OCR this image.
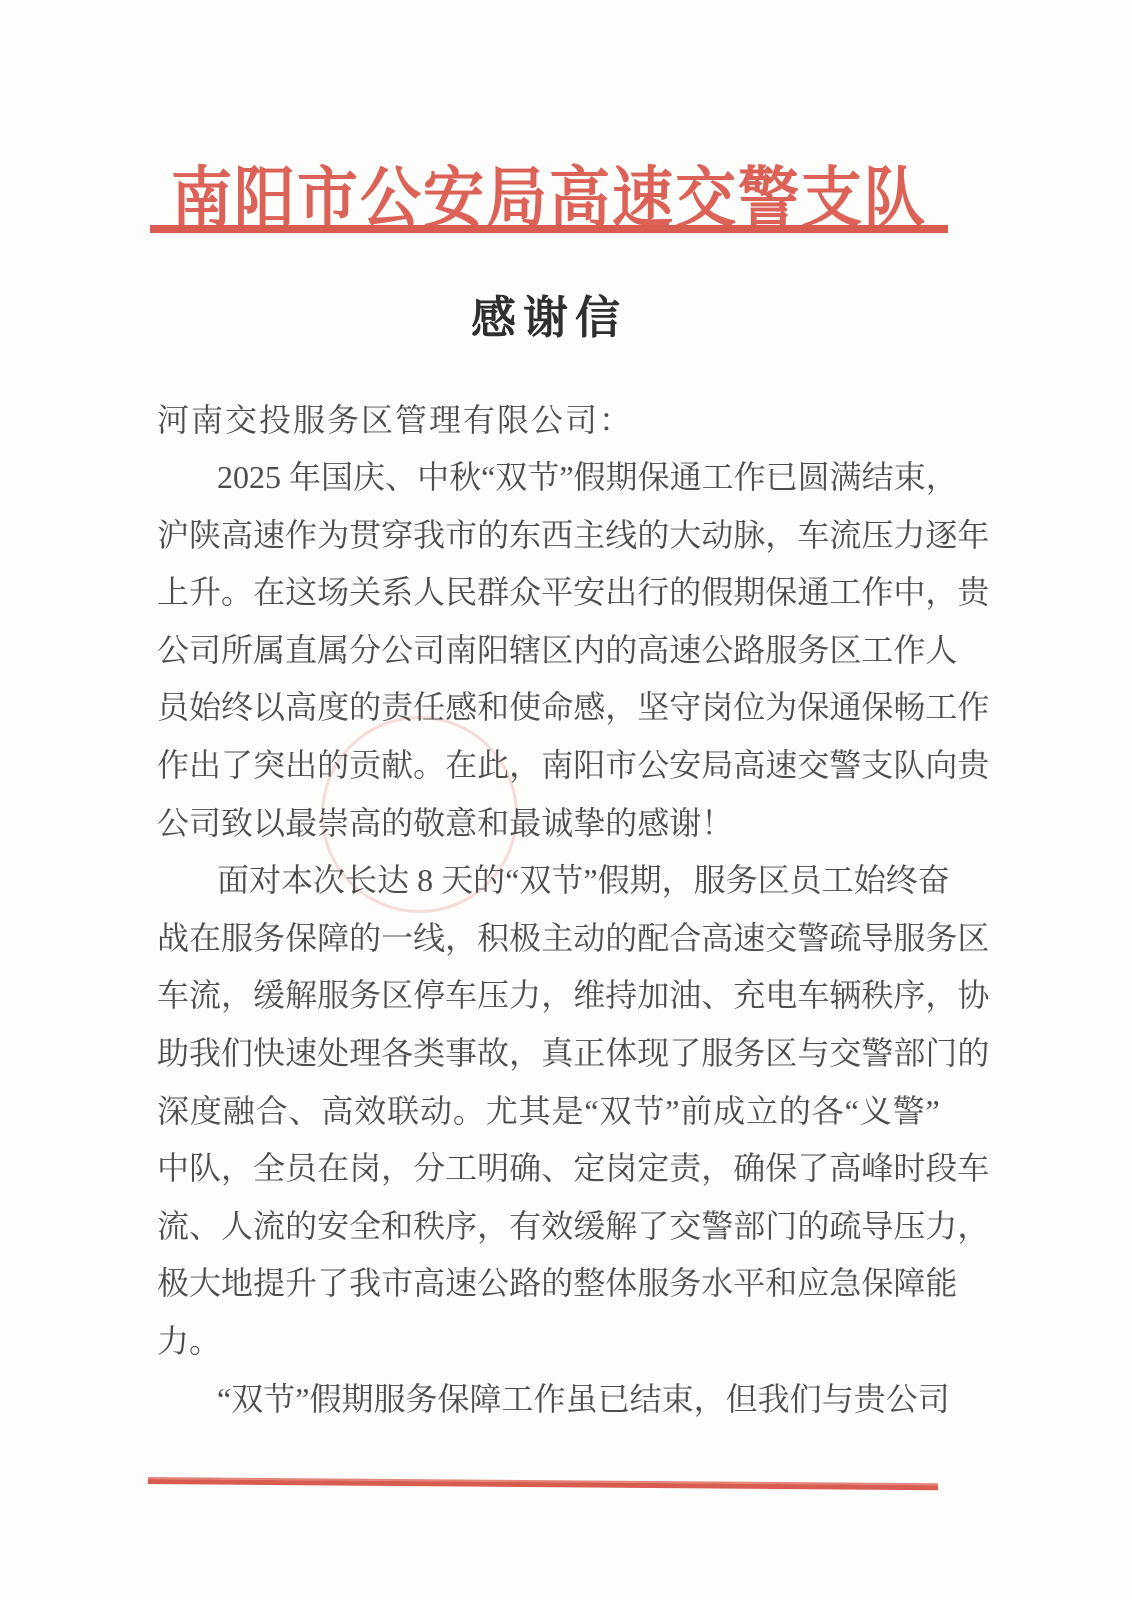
南阳市公安局高速交警支队
感谢信
河南交投服务区管理有限公司：
2025
年 国 庆 、 中 秋 “ 双 节 ” 假 期 保 通 工 作 已 圆 满 结 束 ，
沪 陕 高 速 作 为 贯 穿 我 市 的 东 西 主 线 的 大 动 脉 ， 车 流 压 力 逐 年
上 升 。 在 这 场 关 系 人 民 群 众 平 安 出 行 的 假 期 保 通 工 作 中 ， 贵
公 司 所 属 直 属 分 公 司 南 阳 辖 区 内 的 高 速 公 路 服 务 区 工 作 人
员 始 终 以 高 度 的 责 任 感 和 使 命 感 ， 坚 守 岗 位 为 保 通 保 畅 工 作
作 出 了 突 出 的 贡 献 。 在 此 ， 南 阳 市 公 安 局 高 速 交 警 支 队 向 贵
公 司 致 以 最 崇 高 的 敬 意 和 最 诚 挚 的 感 谢 ！
面 对 本 次 长 达
8
天 的 “ 双 节 ” 假 期 ， 服 务 区 员 工 始 终 奋
战 在 服 务 保 障 的 一 线 ， 积 极 主 动 的 配 合 高 速 交 警 疏 导 服 务 区
车 流 ， 缓 解 服 务 区 停 车 压 力 ， 维 持 加 油 、 充 电 车 辆 秩 序 ， 协
助 我 们 快 速 处 理 各 类 事 故 ， 真 正 体 现 了 服 务 区 与 交 警 部 门 的
深 度 融 合 、 高 效 联 动 。 尤 其 是 “ 双 节 ” 前 成 立 的 各 “ 义 警 ”
中 队 ， 全 员 在 岗 ， 分 工 明 确 、 定 岗 定 责 ， 确 保 了 高 峰 时 段 车
流 、 人 流 的 安 全 和 秩 序 ， 有 效 缓 解 了 交 警 部 门 的 疏 导 压 力 ，
极 大 地 提 升 了 我 市 高 速 公 路 的 整 体 服 务 水 平 和 应 急 保 障 能
力 。
“ 双 节 ” 假 期 服 务 保 障 工 作 虽 已 结 束 ， 但 我 们 与 贵 公 司
